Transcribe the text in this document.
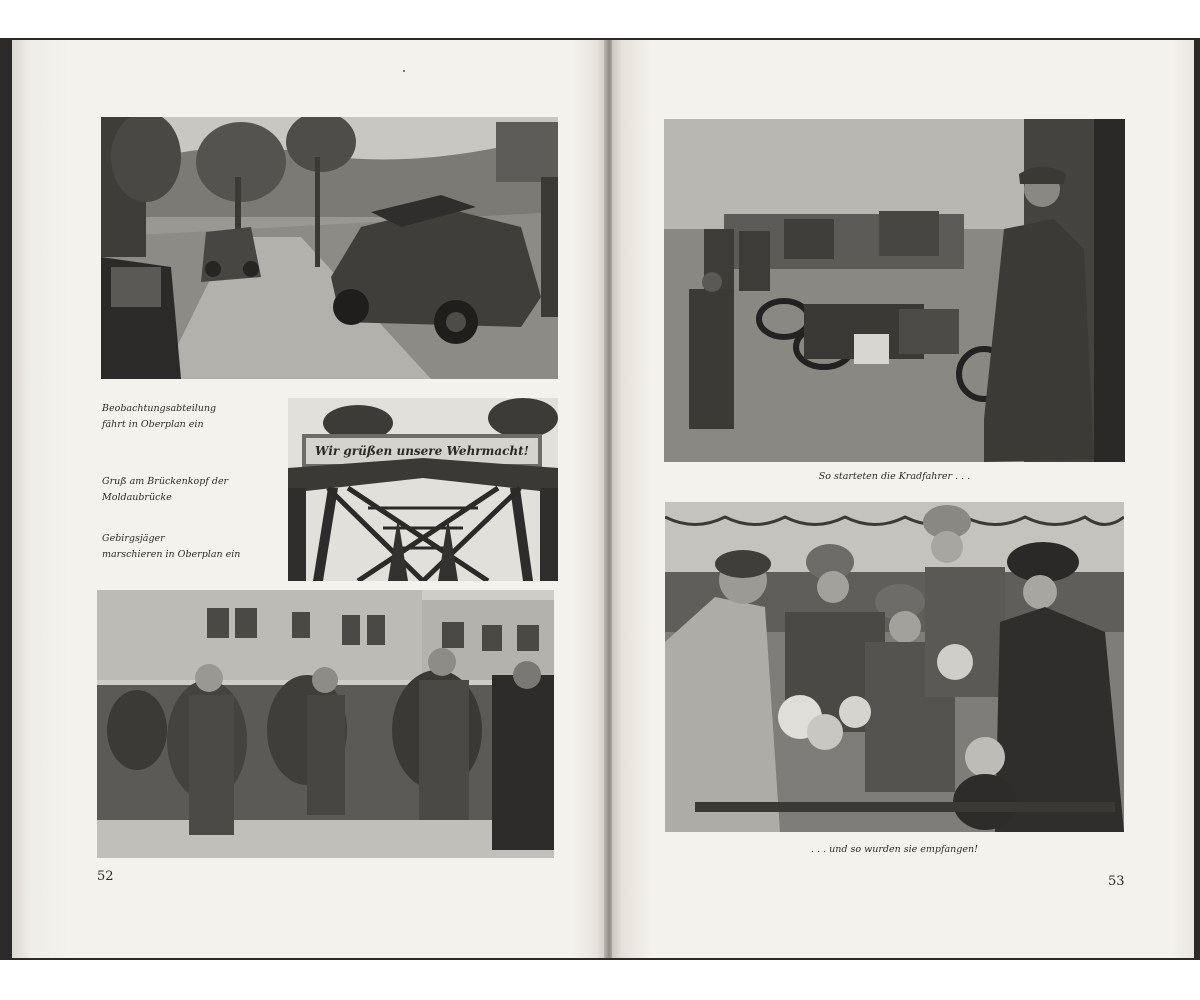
Beobachtungsabteilung
fährt in Oberplan ein
Gruß am Brückenkopf der Moldaubrücke
Gebirgsjäger
marschieren in Oberplan ein
Wir grüßen unsere Wehrmacht!
52
So starteten die Kradfahrer . . .
. . . und so wurden sie empfangen!
53
